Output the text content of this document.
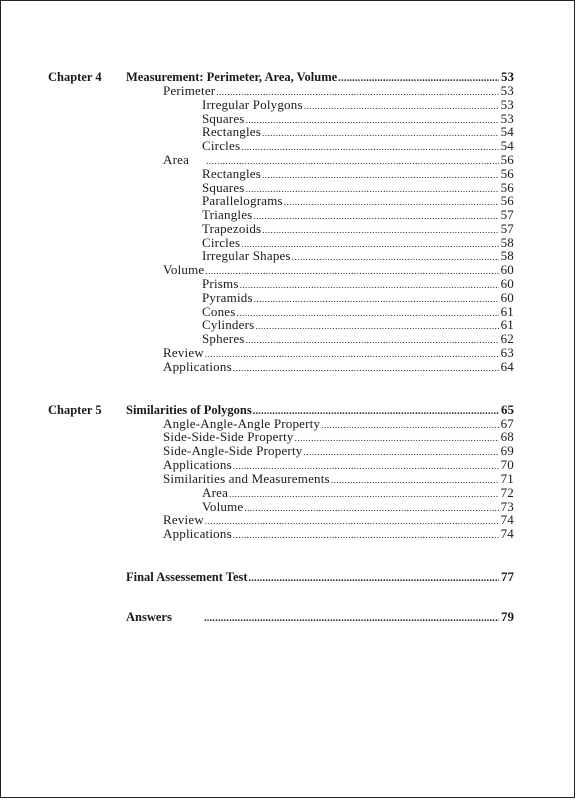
Chapter 4 Measurement: Perimeter, Area, Volume .....	53
Perimeter .....	53
Irregular Polygons .....	53
Squares .....	53
Rectangles .....	54
Circles .....	54
Area .....	56
Rectangles .....	56
Squares .....	56
Parallelograms .....	56
Triangles .....	57
Trapezoids .....	57
Circles .....	58
Irregular Shapes .....	58
Volume .....	60
Prisms .....	60
Pyramids .....	60
Cones .....	61
Cylinders .....	61
Spheres .....	62
Review .....	63
Applications .....	64
Chapter 5 Similarities of Polygons .....	65
Angle-Angle-Angle Property .....	67
Side-Side-Side Property .....	68
Side-Angle-Side Property .....	69
Applications .....	70
Similarities and Measurements .....	71
Area .....	72
Volume .....	73
Review .....	74
Applications .....	74
Final Assessement Test .....	77
Answers .....	79
